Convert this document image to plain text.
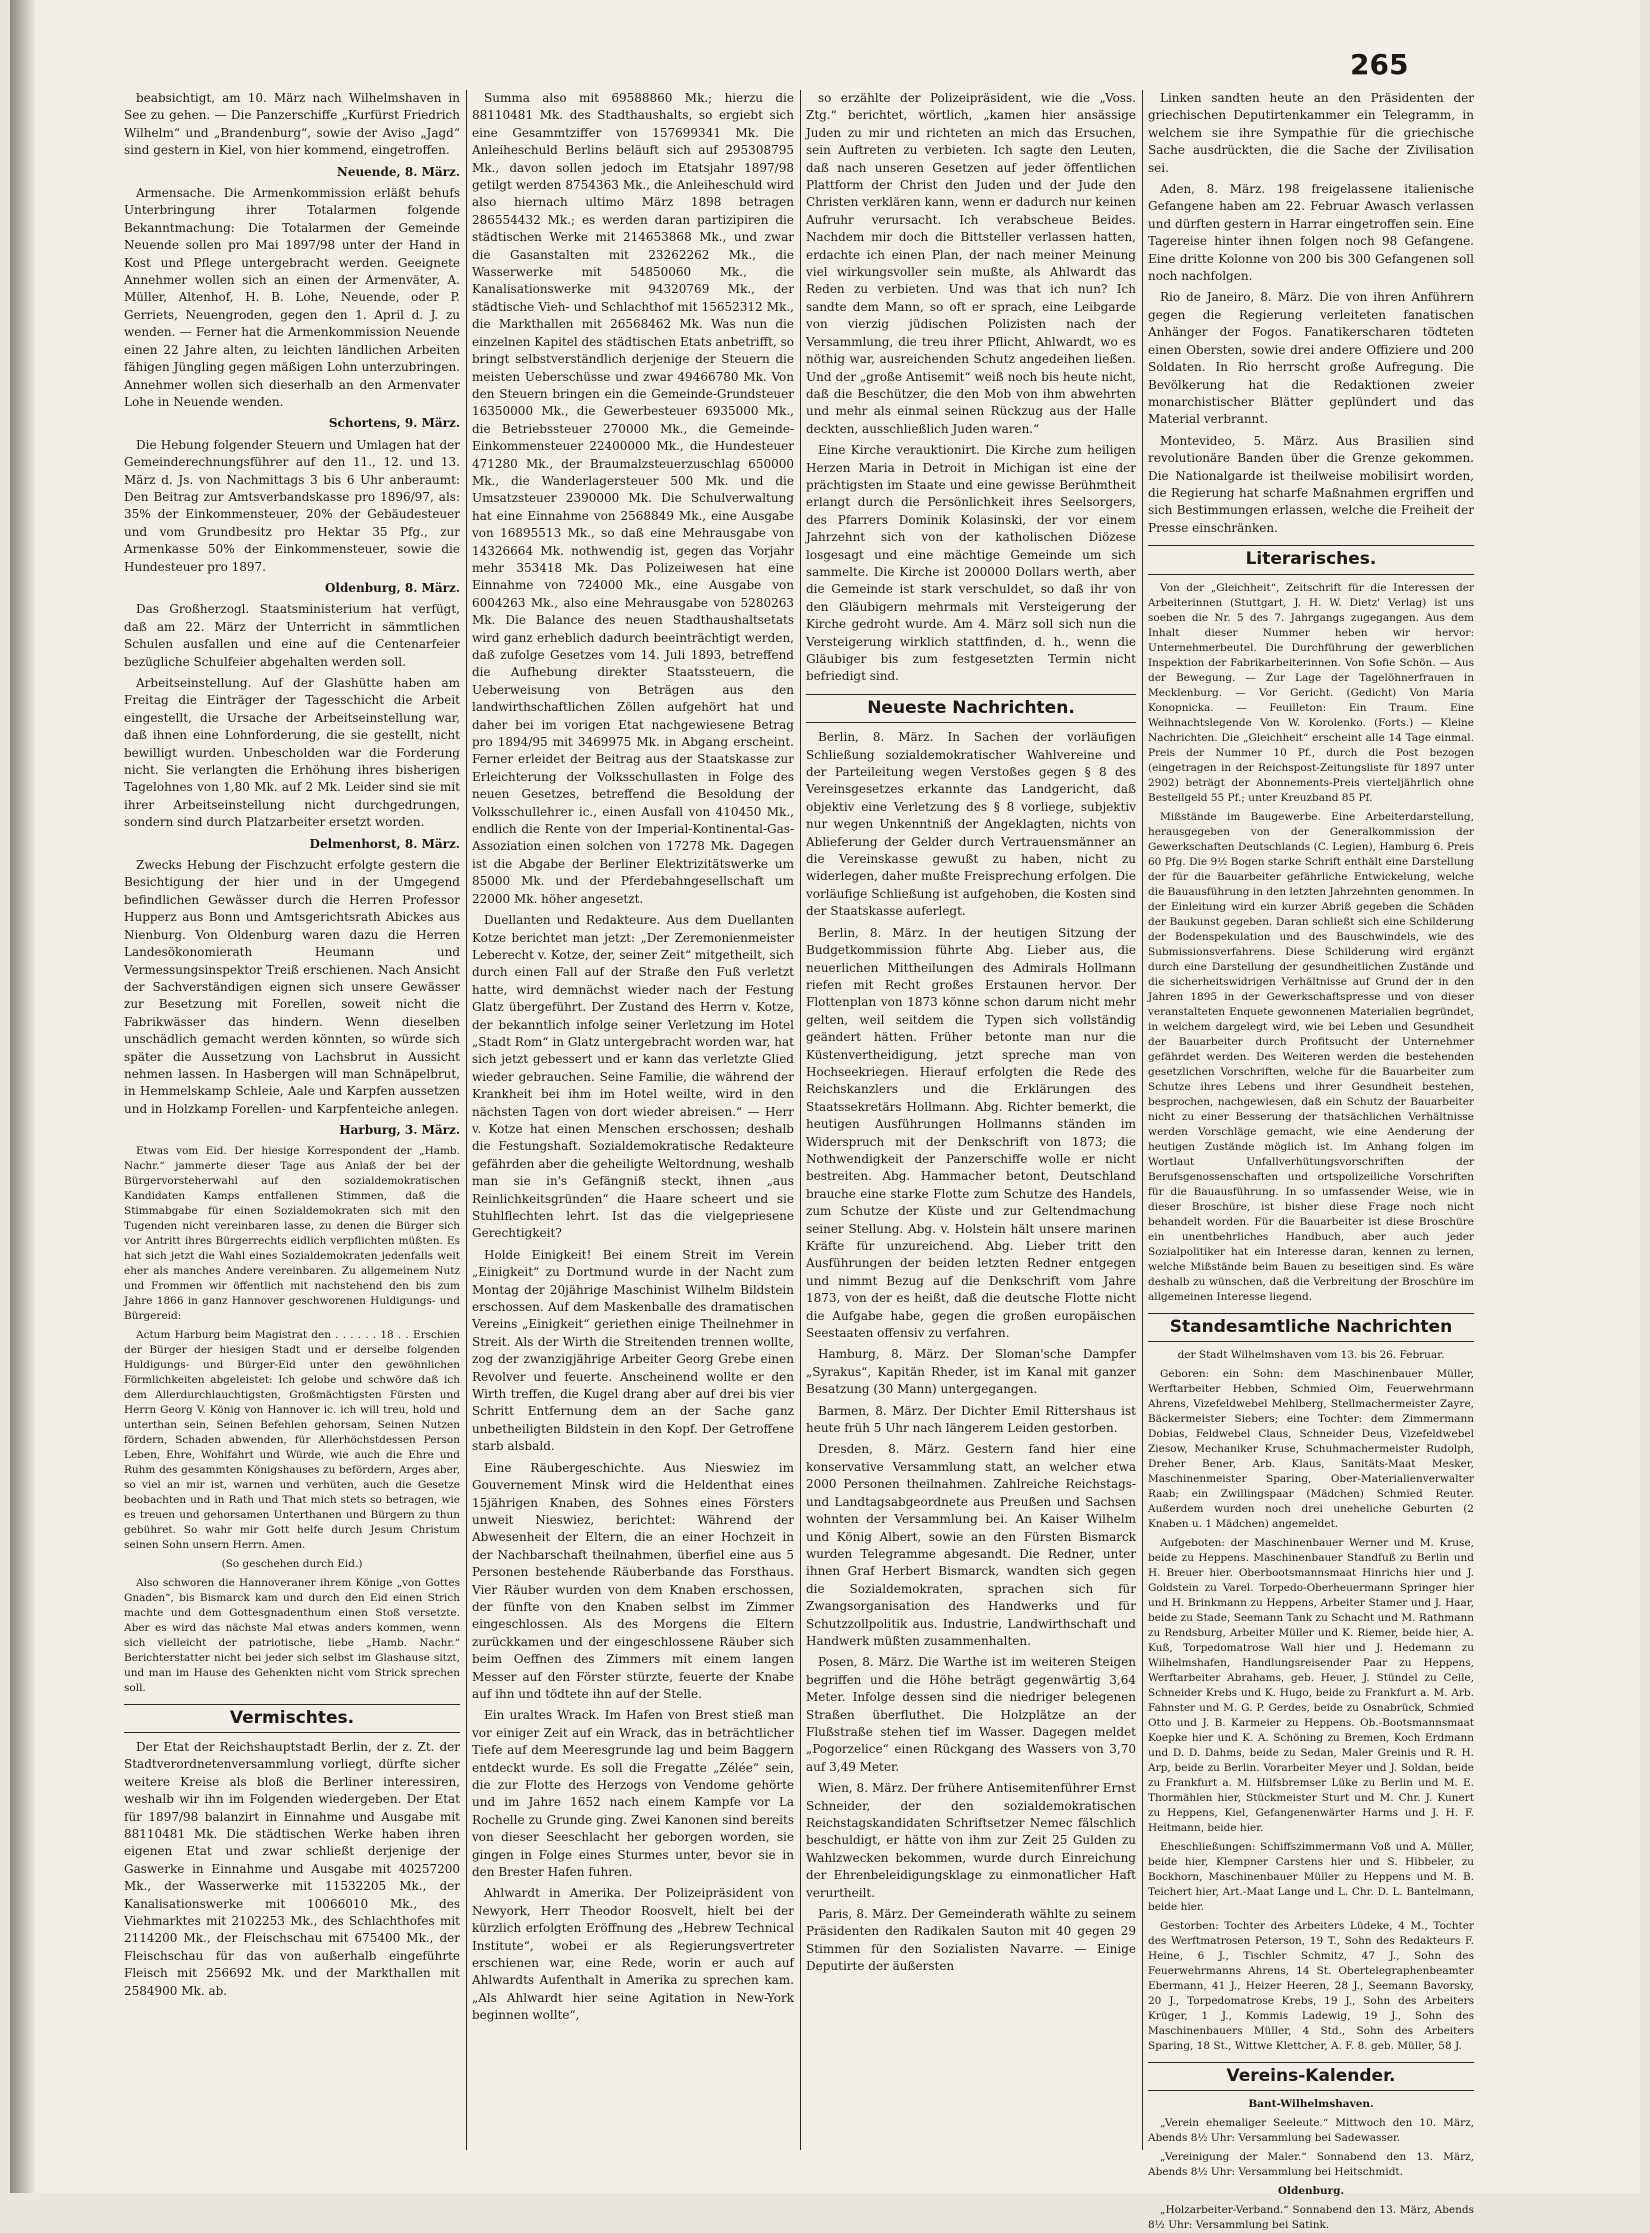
265

beabsichtigt, am 10. März nach Wilhelmshaven in See zu gehen. — Die Panzerschiffe „Kurfürst Friedrich Wilhelm“ und „Brandenburg“, sowie der Aviso „Jagd“ sind gestern in Kiel, von hier kommend, eingetroffen.

Neuende, 8. März.

Armensache. Die Armenkommission erläßt behufs Unterbringung ihrer Totalarmen folgende Bekanntmachung: Die Totalarmen der Gemeinde Neuende sollen pro Mai 1897/98 unter der Hand in Kost und Pflege untergebracht werden. Geeignete Annehmer wollen sich an einen der Armenväter, A. Müller, Altenhof, H. B. Lohe, Neuende, oder P. Gerriets, Neuengroden, gegen den 1. April d. J. zu wenden. — Ferner hat die Armenkommission Neuende einen 22 Jahre alten, zu leichten ländlichen Arbeiten fähigen Jüngling gegen mäßigen Lohn unterzubringen. Annehmer wollen sich dieserhalb an den Armenvater Lohe in Neuende wenden.

Schortens, 9. März.

Die Hebung folgender Steuern und Umlagen hat der Gemeinderechnungsführer auf den 11., 12. und 13. März d. Js. von Nachmittags 3 bis 6 Uhr anberaumt: Den Beitrag zur Amtsverbandskasse pro 1896/97, als: 35% der Einkommensteuer, 20% der Gebäudesteuer und vom Grundbesitz pro Hektar 35 Pfg., zur Armenkasse 50% der Einkommensteuer, sowie die Hundesteuer pro 1897.

Oldenburg, 8. März.

Das Großherzogl. Staatsministerium hat verfügt, daß am 22. März der Unterricht in sämmtlichen Schulen ausfallen und eine auf die Centenarfeier bezügliche Schulfeier abgehalten werden soll.

Arbeitseinstellung. Auf der Glashütte haben am Freitag die Einträger der Tagesschicht die Arbeit eingestellt, die Ursache der Arbeitseinstellung war, daß ihnen eine Lohnforderung, die sie gestellt, nicht bewilligt wurden. Unbescholden war die Forderung nicht. Sie verlangten die Erhöhung ihres bisherigen Tagelohnes von 1,80 Mk. auf 2 Mk. Leider sind sie mit ihrer Arbeitseinstellung nicht durchgedrungen, sondern sind durch Platzarbeiter ersetzt worden.

Delmenhorst, 8. März.

Zwecks Hebung der Fischzucht erfolgte gestern die Besichtigung der hier und in der Umgegend befindlichen Gewässer durch die Herren Professor Hupperz aus Bonn und Amtsgerichtsrath Abickes aus Nienburg. Von Oldenburg waren dazu die Herren Landesökonomierath Heumann und Vermessungsinspektor Treiß erschienen. Nach Ansicht der Sachverständigen eignen sich unsere Gewässer zur Besetzung mit Forellen, soweit nicht die Fabrikwässer das hindern. Wenn dieselben unschädlich gemacht werden könnten, so würde sich später die Aussetzung von Lachsbrut in Aussicht nehmen lassen. In Hasbergen will man Schnäpelbrut, in Hemmelskamp Schleie, Aale und Karpfen aussetzen und in Holzkamp Forellen- und Karpfenteiche anlegen.

Harburg, 3. März.

Etwas vom Eid. Der hiesige Korrespondent der „Hamb. Nachr.“ jammerte dieser Tage aus Anlaß der bei der Bürgervorsteherwahl auf den sozialdemokratischen Kandidaten Kamps entfallenen Stimmen, daß die Stimmabgabe für einen Sozialdemokraten sich mit den Tugenden nicht vereinbaren lasse, zu denen die Bürger sich vor Antritt ihres Bürgerrechts eidlich verpflichten müßten. Es hat sich jetzt die Wahl eines Sozialdemokraten jedenfalls weit eher als manches Andere vereinbaren. Zu allgemeinem Nutz und Frommen wir öffentlich mit nachstehend den bis zum Jahre 1866 in ganz Hannover geschworenen Huldigungs- und Bürgereid:

Actum Harburg beim Magistrat den . . . . . . 18 . . Erschien der Bürger der hiesigen Stadt und er derselbe folgenden Huldigungs- und Bürger-Eid unter den gewöhnlichen Förmlichkeiten abgeleistet: Ich gelobe und schwöre daß ich dem Allerdurchlauchtigsten, Großmächtigsten Fürsten und Herrn Georg V. König von Hannover ic. ich will treu, hold und unterthan sein, Seinen Befehlen gehorsam, Seinen Nutzen fördern, Schaden abwenden, für Allerhöchstdessen Person Leben, Ehre, Wohlfahrt und Würde, wie auch die Ehre und Ruhm des gesammten Königshauses zu befördern, Arges aber, so viel an mir ist, warnen und verhüten, auch die Gesetze beobachten und in Rath und That mich stets so betragen, wie es treuen und gehorsamen Unterthanen und Bürgern zu thun gebühret. So wahr mir Gott helfe durch Jesum Christum seinen Sohn unsern Herrn. Amen.

(So geschehen durch Eid.)

Also schworen die Hannoveraner ihrem Könige „von Gottes Gnaden“, bis Bismarck kam und durch den Eid einen Strich machte und dem Gottesgnadenthum einen Stoß versetzte. Aber es wird das nächste Mal etwas anders kommen, wenn sich vielleicht der patriotische, liebe „Hamb. Nachr.“ Berichterstatter nicht bei jeder sich selbst im Glashause sitzt, und man im Hause des Gehenkten nicht vom Strick sprechen soll.

Vermischtes.

Der Etat der Reichshauptstadt Berlin, der z. Zt. der Stadtverordnetenversammlung vorliegt, dürfte sicher weitere Kreise als bloß die Berliner interessiren, weshalb wir ihn im Folgenden wiedergeben. Der Etat für 1897/98 balanzirt in Einnahme und Ausgabe mit 88110481 Mk. Die städtischen Werke haben ihren eigenen Etat und zwar schließt derjenige der Gaswerke in Einnahme und Ausgabe mit 40257200 Mk., der Wasserwerke mit 11532205 Mk., der Kanalisationswerke mit 10066010 Mk., des Viehmarktes mit 2102253 Mk., des Schlachthofes mit 2114200 Mk., der Fleischschau mit 675400 Mk., der Fleischschau für das von außerhalb eingeführte Fleisch mit 256692 Mk. und der Markthallen mit 2584900 Mk. ab.

Summa also mit 69588860 Mk.; hierzu die 88110481 Mk. des Stadthaushalts, so ergiebt sich eine Gesammtziffer von 157699341 Mk. Die Anleiheschuld Berlins beläuft sich auf 295308795 Mk., davon sollen jedoch im Etatsjahr 1897/98 getilgt werden 8754363 Mk., die Anleiheschuld wird also hiernach ultimo März 1898 betragen 286554432 Mk.; es werden daran partizipiren die städtischen Werke mit 214653868 Mk., und zwar die Gasanstalten mit 23262262 Mk., die Wasserwerke mit 54850060 Mk., die Kanalisationswerke mit 94320769 Mk., der städtische Vieh- und Schlachthof mit 15652312 Mk., die Markthallen mit 26568462 Mk. Was nun die einzelnen Kapitel des städtischen Etats anbetrifft, so bringt selbstverständlich derjenige der Steuern die meisten Ueberschüsse und zwar 49466780 Mk. Von den Steuern bringen ein die Gemeinde-Grundsteuer 16350000 Mk., die Gewerbesteuer 6935000 Mk., die Betriebssteuer 270000 Mk., die Gemeinde-Einkommensteuer 22400000 Mk., die Hundesteuer 471280 Mk., der Braumalzsteuerzuschlag 650000 Mk., die Wanderlagersteuer 500 Mk. und die Umsatzsteuer 2390000 Mk. Die Schulverwaltung hat eine Einnahme von 2568849 Mk., eine Ausgabe von 16895513 Mk., so daß eine Mehrausgabe von 14326664 Mk. nothwendig ist, gegen das Vorjahr mehr 353418 Mk. Das Polizeiwesen hat eine Einnahme von 724000 Mk., eine Ausgabe von 6004263 Mk., also eine Mehrausgabe von 5280263 Mk. Die Balance des neuen Stadthaushaltsetats wird ganz erheblich dadurch beeinträchtigt werden, daß zufolge Gesetzes vom 14. Juli 1893, betreffend die Aufhebung direkter Staatssteuern, die Ueberweisung von Beträgen aus den landwirthschaftlichen Zöllen aufgehört hat und daher bei im vorigen Etat nachgewiesene Betrag pro 1894/95 mit 3469975 Mk. in Abgang erscheint. Ferner erleidet der Beitrag aus der Staatskasse zur Erleichterung der Volksschullasten in Folge des neuen Gesetzes, betreffend die Besoldung der Volksschullehrer ic., einen Ausfall von 410450 Mk., endlich die Rente von der Imperial-Kontinental-Gas-Assoziation einen solchen von 17278 Mk. Dagegen ist die Abgabe der Berliner Elektrizitätswerke um 85000 Mk. und der Pferdebahngesellschaft um 22000 Mk. höher angesetzt.

Duellanten und Redakteure. Aus dem Duellanten Kotze berichtet man jetzt: „Der Zeremonienmeister Leberecht v. Kotze, der, seiner Zeit“ mitgetheilt, sich durch einen Fall auf der Straße den Fuß verletzt hatte, wird demnächst wieder nach der Festung Glatz übergeführt. Der Zustand des Herrn v. Kotze, der bekanntlich infolge seiner Verletzung im Hotel „Stadt Rom“ in Glatz untergebracht worden war, hat sich jetzt gebessert und er kann das verletzte Glied wieder gebrauchen. Seine Familie, die während der Krankheit bei ihm im Hotel weilte, wird in den nächsten Tagen von dort wieder abreisen.“ — Herr v. Kotze hat einen Menschen erschossen; deshalb die Festungshaft. Sozialdemokratische Redakteure gefährden aber die geheiligte Weltordnung, weshalb man sie in's Gefängniß steckt, ihnen „aus Reinlichkeitsgründen“ die Haare scheert und sie Stuhlflechten lehrt. Ist das die vielgepriesene Gerechtigkeit?

Holde Einigkeit! Bei einem Streit im Verein „Einigkeit“ zu Dortmund wurde in der Nacht zum Montag der 20jährige Maschinist Wilhelm Bildstein erschossen. Auf dem Maskenballe des dramatischen Vereins „Einigkeit“ geriethen einige Theilnehmer in Streit. Als der Wirth die Streitenden trennen wollte, zog der zwanzigjährige Arbeiter Georg Grebe einen Revolver und feuerte. Anscheinend wollte er den Wirth treffen, die Kugel drang aber auf drei bis vier Schritt Entfernung dem an der Sache ganz unbetheiligten Bildstein in den Kopf. Der Getroffene starb alsbald.

Eine Räubergeschichte. Aus Nieswiez im Gouvernement Minsk wird die Heldenthat eines 15jährigen Knaben, des Sohnes eines Försters unweit Nieswiez, berichtet: Während der Abwesenheit der Eltern, die an einer Hochzeit in der Nachbarschaft theilnahmen, überfiel eine aus 5 Personen bestehende Räuberbande das Forsthaus. Vier Räuber wurden von dem Knaben erschossen, der fünfte von den Knaben selbst im Zimmer eingeschlossen. Als des Morgens die Eltern zurückkamen und der eingeschlossene Räuber sich beim Oeffnen des Zimmers mit einem langen Messer auf den Förster stürzte, feuerte der Knabe auf ihn und tödtete ihn auf der Stelle.

Ein uraltes Wrack. Im Hafen von Brest stieß man vor einiger Zeit auf ein Wrack, das in beträchtlicher Tiefe auf dem Meeresgrunde lag und beim Baggern entdeckt wurde. Es soll die Fregatte „Zélée“ sein, die zur Flotte des Herzogs von Vendome gehörte und im Jahre 1652 nach einem Kampfe vor La Rochelle zu Grunde ging. Zwei Kanonen sind bereits von dieser Seeschlacht her geborgen worden, sie gingen in Folge eines Sturmes unter, bevor sie in den Brester Hafen fuhren.

Ahlwardt in Amerika. Der Polizeipräsident von Newyork, Herr Theodor Roosvelt, hielt bei der kürzlich erfolgten Eröffnung des „Hebrew Technical Institute“, wobei er als Regierungsvertreter erschienen war, eine Rede, worin er auch auf Ahlwardts Aufenthalt in Amerika zu sprechen kam. „Als Ahlwardt hier seine Agitation in New-York beginnen wollte“,

so erzählte der Polizeipräsident, wie die „Voss. Ztg.“ berichtet, wörtlich, „kamen hier ansässige Juden zu mir und richteten an mich das Ersuchen, sein Auftreten zu verbieten. Ich sagte den Leuten, daß nach unseren Gesetzen auf jeder öffentlichen Plattform der Christ den Juden und der Jude den Christen verklären kann, wenn er dadurch nur keinen Aufruhr verursacht. Ich verabscheue Beides. Nachdem mir doch die Bittsteller verlassen hatten, erdachte ich einen Plan, der nach meiner Meinung viel wirkungsvoller sein mußte, als Ahlwardt das Reden zu verbieten. Und was that ich nun? Ich sandte dem Mann, so oft er sprach, eine Leibgarde von vierzig jüdischen Polizisten nach der Versammlung, die treu ihrer Pflicht, Ahlwardt, wo es nöthig war, ausreichenden Schutz angedeihen ließen. Und der „große Antisemit“ weiß noch bis heute nicht, daß die Beschützer, die den Mob von ihm abwehrten und mehr als einmal seinen Rückzug aus der Halle deckten, ausschließlich Juden waren.“

Eine Kirche verauktionirt. Die Kirche zum heiligen Herzen Maria in Detroit in Michigan ist eine der prächtigsten im Staate und eine gewisse Berühmtheit erlangt durch die Persönlichkeit ihres Seelsorgers, des Pfarrers Dominik Kolasinski, der vor einem Jahrzehnt sich von der katholischen Diözese losgesagt und eine mächtige Gemeinde um sich sammelte. Die Kirche ist 200000 Dollars werth, aber die Gemeinde ist stark verschuldet, so daß ihr von den Gläubigern mehrmals mit Versteigerung der Kirche gedroht wurde. Am 4. März soll sich nun die Versteigerung wirklich stattfinden, d. h., wenn die Gläubiger bis zum festgesetzten Termin nicht befriedigt sind.

Neueste Nachrichten.

Berlin, 8. März. In Sachen der vorläufigen Schließung sozialdemokratischer Wahlvereine und der Parteileitung wegen Verstoßes gegen § 8 des Vereinsgesetzes erkannte das Landgericht, daß objektiv eine Verletzung des § 8 vorliege, subjektiv nur wegen Unkenntniß der Angeklagten, nichts von Ablieferung der Gelder durch Vertrauensmänner an die Vereinskasse gewußt zu haben, nicht zu widerlegen, daher mußte Freisprechung erfolgen. Die vorläufige Schließung ist aufgehoben, die Kosten sind der Staatskasse auferlegt.

Berlin, 8. März. In der heutigen Sitzung der Budgetkommission führte Abg. Lieber aus, die neuerlichen Mittheilungen des Admirals Hollmann riefen mit Recht großes Erstaunen hervor. Der Flottenplan von 1873 könne schon darum nicht mehr gelten, weil seitdem die Typen sich vollständig geändert hätten. Früher betonte man nur die Küstenvertheidigung, jetzt spreche man von Hochseekriegen. Hierauf erfolgten die Rede des Reichskanzlers und die Erklärungen des Staatssekretärs Hollmann. Abg. Richter bemerkt, die heutigen Ausführungen Hollmanns ständen im Widerspruch mit der Denkschrift von 1873; die Nothwendigkeit der Panzerschiffe wolle er nicht bestreiten. Abg. Hammacher betont, Deutschland brauche eine starke Flotte zum Schutze des Handels, zum Schutze der Küste und zur Geltendmachung seiner Stellung. Abg. v. Holstein hält unsere marinen Kräfte für unzureichend. Abg. Lieber tritt den Ausführungen der beiden letzten Redner entgegen und nimmt Bezug auf die Denkschrift vom Jahre 1873, von der es heißt, daß die deutsche Flotte nicht die Aufgabe habe, gegen die großen europäischen Seestaaten offensiv zu verfahren.

Hamburg, 8. März. Der Sloman'sche Dampfer „Syrakus“, Kapitän Rheder, ist im Kanal mit ganzer Besatzung (30 Mann) untergegangen.

Barmen, 8. März. Der Dichter Emil Rittershaus ist heute früh 5 Uhr nach längerem Leiden gestorben.

Dresden, 8. März. Gestern fand hier eine konservative Versammlung statt, an welcher etwa 2000 Personen theilnahmen. Zahlreiche Reichstags- und Landtagsabgeordnete aus Preußen und Sachsen wohnten der Versammlung bei. An Kaiser Wilhelm und König Albert, sowie an den Fürsten Bismarck wurden Telegramme abgesandt. Die Redner, unter ihnen Graf Herbert Bismarck, wandten sich gegen die Sozialdemokraten, sprachen sich für Zwangsorganisation des Handwerks und für Schutzzollpolitik aus. Industrie, Landwirthschaft und Handwerk müßten zusammenhalten.

Posen, 8. März. Die Warthe ist im weiteren Steigen begriffen und die Höhe beträgt gegenwärtig 3,64 Meter. Infolge dessen sind die niedriger belegenen Straßen überfluthet. Die Holzplätze an der Flußstraße stehen tief im Wasser. Dagegen meldet „Pogorzelice“ einen Rückgang des Wassers von 3,70 auf 3,49 Meter.

Wien, 8. März. Der frühere Antisemitenführer Ernst Schneider, der den sozialdemokratischen Reichstagskandidaten Schriftsetzer Nemec fälschlich beschuldigt, er hätte von ihm zur Zeit 25 Gulden zu Wahlzwecken bekommen, wurde durch Einreichung der Ehrenbeleidigungsklage zu einmonatlicher Haft verurtheilt.

Paris, 8. März. Der Gemeinderath wählte zu seinem Präsidenten den Radikalen Sauton mit 40 gegen 29 Stimmen für den Sozialisten Navarre. — Einige Deputirte der äußersten

Linken sandten heute an den Präsidenten der griechischen Deputirtenkammer ein Telegramm, in welchem sie ihre Sympathie für die griechische Sache ausdrückten, die die Sache der Zivilisation sei.

Aden, 8. März. 198 freigelassene italienische Gefangene haben am 22. Februar Awasch verlassen und dürften gestern in Harrar eingetroffen sein. Eine Tagereise hinter ihnen folgen noch 98 Gefangene. Eine dritte Kolonne von 200 bis 300 Gefangenen soll noch nachfolgen.

Rio de Janeiro, 8. März. Die von ihren Anführern gegen die Regierung verleiteten fanatischen Anhänger der Fogos. Fanatikerscharen tödteten einen Obersten, sowie drei andere Offiziere und 200 Soldaten. In Rio herrscht große Aufregung. Die Bevölkerung hat die Redaktionen zweier monarchistischer Blätter geplündert und das Material verbrannt.

Montevideo, 5. März. Aus Brasilien sind revolutionäre Banden über die Grenze gekommen. Die Nationalgarde ist theilweise mobilisirt worden, die Regierung hat scharfe Maßnahmen ergriffen und sich Bestimmungen erlassen, welche die Freiheit der Presse einschränken.

Literarisches.

Von der „Gleichheit“, Zeitschrift für die Interessen der Arbeiterinnen (Stuttgart, J. H. W. Dietz' Verlag) ist uns soeben die Nr. 5 des 7. Jahrgangs zugegangen. Aus dem Inhalt dieser Nummer heben wir hervor: Unternehmerbeutel. Die Durchführung der gewerblichen Inspektion der Fabrikarbeiterinnen. Von Sofie Schön. — Aus der Bewegung. — Zur Lage der Tagelöhnerfrauen in Mecklenburg. — Vor Gericht. (Gedicht) Von Maria Konopnicka. — Feuilleton: Ein Traum. Eine Weihnachtslegende Von W. Korolenko. (Forts.) — Kleine Nachrichten. Die „Gleichheit“ erscheint alle 14 Tage einmal. Preis der Nummer 10 Pf., durch die Post bezogen (eingetragen in der Reichspost-Zeitungsliste für 1897 unter 2902) beträgt der Abonnements-Preis vierteljährlich ohne Bestellgeld 55 Pf.; unter Kreuzband 85 Pf.

Mißstände im Baugewerbe. Eine Arbeiterdarstellung, herausgegeben von der Generalkommission der Gewerkschaften Deutschlands (C. Legien), Hamburg 6. Preis 60 Pfg. Die 9½ Bogen starke Schrift enthält eine Darstellung der für die Bauarbeiter gefährliche Entwickelung, welche die Bauausführung in den letzten Jahrzehnten genommen. In der Einleitung wird ein kurzer Abriß gegeben die Schäden der Baukunst gegeben. Daran schließt sich eine Schilderung der Bodenspekulation und des Bauschwindels, wie des Submissionsverfahrens. Diese Schilderung wird ergänzt durch eine Darstellung der gesundheitlichen Zustände und die sicherheitswidrigen Verhältnisse auf Grund der in den Jahren 1895 in der Gewerkschaftspresse und von dieser veranstalteten Enquete gewonnenen Materialien begründet, in welchem dargelegt wird, wie bei Leben und Gesundheit der Bauarbeiter durch Profitsucht der Unternehmer gefährdet werden. Des Weiteren werden die bestehenden gesetzlichen Vorschriften, welche für die Bauarbeiter zum Schutze ihres Lebens und ihrer Gesundheit bestehen, besprochen, nachgewiesen, daß ein Schutz der Bauarbeiter nicht zu einer Besserung der thatsächlichen Verhältnisse werden Vorschläge gemacht, wie eine Aenderung der heutigen Zustände möglich ist. Im Anhang folgen im Wortlaut Unfallverhütungsvorschriften der Berufsgenossenschaften und ortspolizeiliche Vorschriften für die Bauausführung. In so umfassender Weise, wie in dieser Broschüre, ist bisher diese Frage noch nicht behandelt worden. Für die Bauarbeiter ist diese Broschüre ein unentbehrliches Handbuch, aber auch jeder Sozialpolitiker hat ein Interesse daran, kennen zu lernen, welche Mißstände beim Bauen zu beseitigen sind. Es wäre deshalb zu wünschen, daß die Verbreitung der Broschüre im allgemeinen Interesse liegend.

Standesamtliche Nachrichten

der Stadt Wilhelmshaven vom 13. bis 26. Februar.

Geboren: ein Sohn: dem Maschinenbauer Müller, Werftarbeiter Hebben, Schmied Oim, Feuerwehrmann Ahrens, Vizefeldwebel Mehlberg, Stellmachermeister Zayre, Bäckermeister Siebers; eine Tochter: dem Zimmermann Dobias, Feldwebel Claus, Schneider Deus, Vizefeldwebel Ziesow, Mechaniker Kruse, Schuhmachermeister Rudolph, Dreher Bener, Arb. Klaus, Sanitäts-Maat Mesker, Maschinenmeister Sparing, Ober-Materialienverwalter Raab; ein Zwillingspaar (Mädchen) Schmied Reuter. Außerdem wurden noch drei uneheliche Geburten (2 Knaben u. 1 Mädchen) angemeldet.

Aufgeboten: der Maschinenbauer Werner und M. Kruse, beide zu Heppens. Maschinenbauer Standfuß zu Berlin und H. Breuer hier. Oberbootsmannsmaat Hinrichs hier und J. Goldstein zu Varel. Torpedo-Oberheuermann Springer hier und H. Brinkmann zu Heppens, Arbeiter Stamer und J. Haar, beide zu Stade, Seemann Tank zu Schacht und M. Rathmann zu Rendsburg, Arbeiter Müller und K. Riemer, beide hier, A. Kuß, Torpedomatrose Wall hier und J. Hedemann zu Wilhelmshafen, Handlungsreisender Paar zu Heppens, Werftarbeiter Abrahams, geb. Heuer, J. Stündel zu Celle, Schneider Krebs und K. Hugo, beide zu Frankfurt a. M. Arb. Fahnster und M. G. P. Gerdes, beide zu Osnabrück, Schmied Otto und J. B. Karmeier zu Heppens. Ob.-Bootsmannsmaat Koepke hier und K. A. Schöning zu Bremen, Koch Erdmann und D. D. Dahms, beide zu Sedan, Maler Greinis und R. H. Arp, beide zu Berlin. Vorarbeiter Meyer und J. Soldan, beide zu Frankfurt a. M. Hilfsbremser Lüke zu Berlin und M. E. Thormählen hier, Stückmeister Sturt und M. Chr. J. Kunert zu Heppens, Kiel, Gefangenenwärter Harms und J. H. F. Heitmann, beide hier.

Eheschließungen: Schiffszimmermann Voß und A. Müller, beide hier, Klempner Carstens hier und S. Hibbeler, zu Bockhorn, Maschinenbauer Müller zu Heppens und M. B. Teichert hier, Art.-Maat Lange und L. Chr. D. L. Bantelmann, beide hier.

Gestorben: Tochter des Arbeiters Lüdeke, 4 M., Tochter des Werftmatrosen Peterson, 19 T., Sohn des Redakteurs F. Heine, 6 J., Tischler Schmitz, 47 J., Sohn des Feuerwehrmanns Ahrens, 14 St. Obertelegraphenbeamter Ebermann, 41 J., Heizer Heeren, 28 J., Seemann Bavorsky, 20 J., Torpedomatrose Krebs, 19 J., Sohn des Arbeiters Krüger, 1 J., Kommis Ladewig, 19 J., Sohn des Maschinenbauers Müller, 4 Std., Sohn des Arbeiters Sparing, 18 St., Wittwe Klettcher, A. F. 8. geb. Müller, 58 J.

Vereins-Kalender.

Bant-Wilhelmshaven.

„Verein ehemaliger Seeleute.“ Mittwoch den 10. März, Abends 8½ Uhr: Versammlung bei Sadewasser.

„Vereinigung der Maler.“ Sonnabend den 13. März, Abends 8½ Uhr: Versammlung bei Heitschmidt.

Oldenburg.

„Holzarbeiter-Verband.“ Sonnabend den 13. März, Abends 8½ Uhr: Versammlung bei Satink.
